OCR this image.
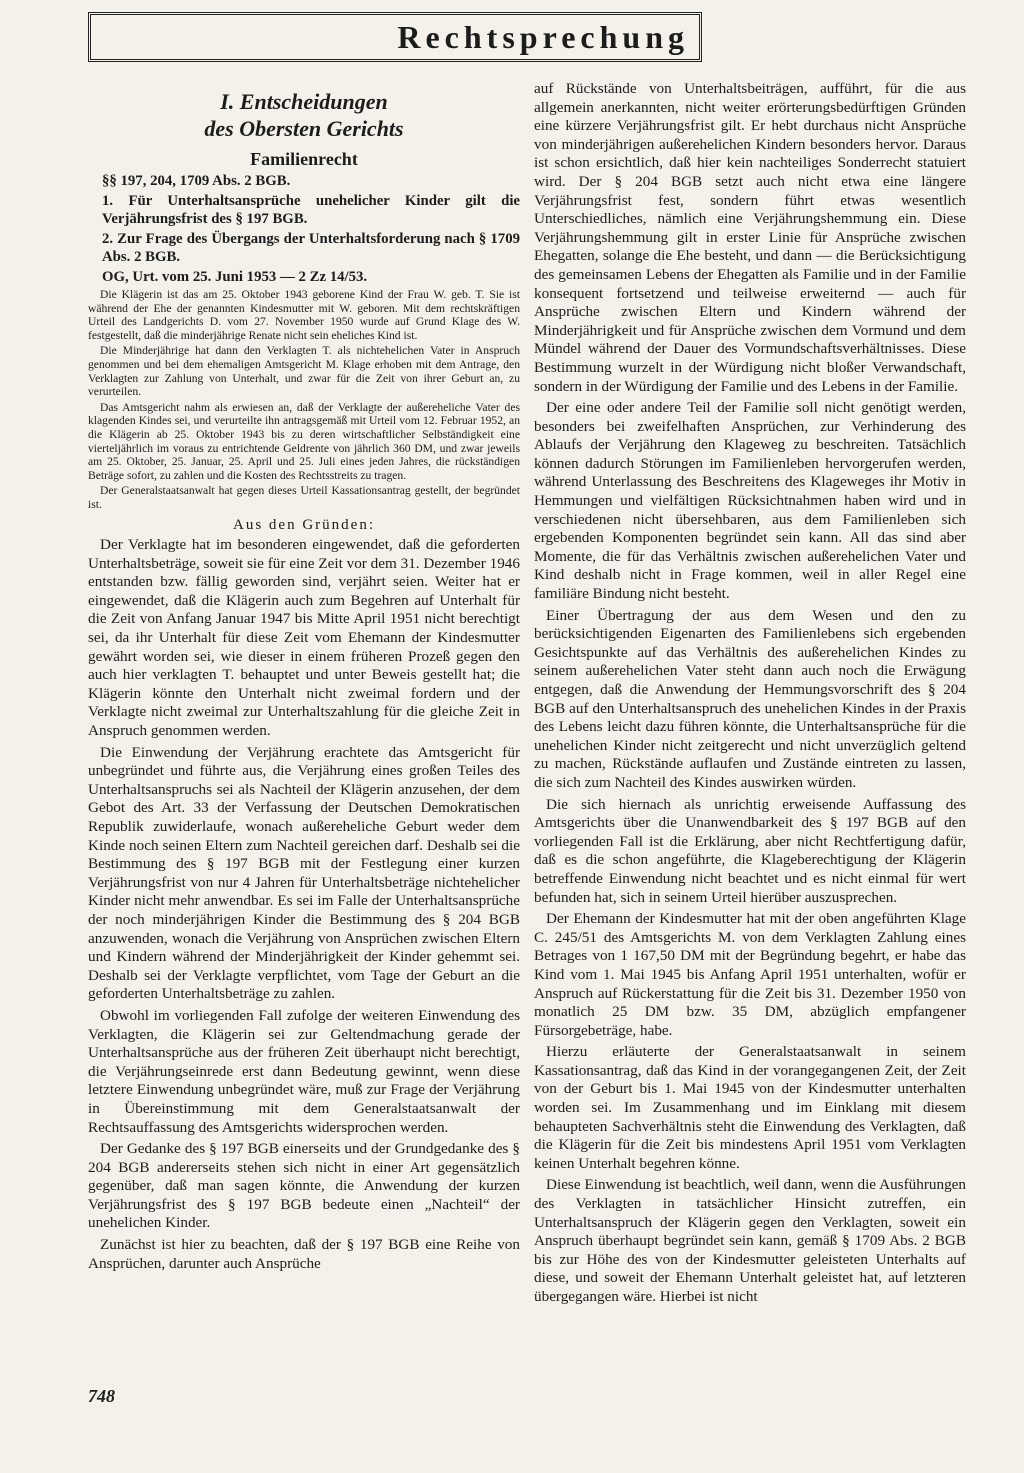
Rechtsprechung
I. Entscheidungen
des Obersten Gerichts
Familienrecht
§§ 197, 204, 1709 Abs. 2 BGB.
1. Für Unterhaltsansprüche unehelicher Kinder gilt die Verjährungsfrist des § 197 BGB.
2. Zur Frage des Übergangs der Unterhaltsforderung nach § 1709 Abs. 2 BGB.
OG, Urt. vom 25. Juni 1953 — 2 Zz 14/53.

Die Klägerin ist das am 25. Oktober 1943 geborene Kind der Frau W. geb. T. Sie ist während der Ehe der genannten Kindesmutter mit W. geboren. Mit dem rechtskräftigen Urteil des Landgerichts D. vom 27. November 1950 wurde auf Grund Klage des W. festgestellt, daß die minderjährige Renate nicht sein eheliches Kind ist.

Die Minderjährige hat dann den Verklagten T. als nichtehelichen Vater in Anspruch genommen und bei dem ehemaligen Amtsgericht M. Klage erhoben mit dem Antrage, den Verklagten zur Zahlung von Unterhalt, und zwar für die Zeit von ihrer Geburt an, zu verurteilen.

Das Amtsgericht nahm als erwiesen an, daß der Verklagte der außereheliche Vater des klagenden Kindes sei, und verurteilte ihn antragsgemäß mit Urteil vom 12. Februar 1952, an die Klägerin ab 25. Oktober 1943 bis zu deren wirtschaftlicher Selbständigkeit eine vierteljährlich im voraus zu entrichtende Geldrente von jährlich 360 DM, und zwar jeweils am 25. Oktober, 25. Januar, 25. April und 25. Juli eines jeden Jahres, die rückständigen Beträge sofort, zu zahlen und die Kosten des Rechtsstreits zu tragen.

Der Generalstaatsanwalt hat gegen dieses Urteil Kassationsantrag gestellt, der begründet ist.

Aus den Gründen:

Der Verklagte hat im besonderen eingewendet, daß die geforderten Unterhaltsbeträge, soweit sie für eine Zeit vor dem 31. Dezember 1946 entstanden bzw. fällig geworden sind, verjährt seien. Weiter hat er eingewendet, daß die Klägerin auch zum Begehren auf Unterhalt für die Zeit von Anfang Januar 1947 bis Mitte April 1951 nicht berechtigt sei, da ihr Unterhalt für diese Zeit vom Ehemann der Kindesmutter gewährt worden sei, wie dieser in einem früheren Prozeß gegen den auch hier verklagten T. behauptet und unter Beweis gestellt hat; die Klägerin könnte den Unterhalt nicht zweimal fordern und der Verklagte nicht zweimal zur Unterhaltszahlung für die gleiche Zeit in Anspruch genommen werden.

Die Einwendung der Verjährung erachtete das Amtsgericht für unbegründet und führte aus, die Verjährung eines großen Teiles des Unterhaltsanspruchs sei als Nachteil der Klägerin anzusehen, der dem Gebot des Art. 33 der Verfassung der Deutschen Demokratischen Republik zuwiderlaufe, wonach außereheliche Geburt weder dem Kinde noch seinen Eltern zum Nachteil gereichen darf. Deshalb sei die Bestimmung des § 197 BGB mit der Festlegung einer kurzen Verjährungsfrist von nur 4 Jahren für Unterhaltsbeträge nichtehelicher Kinder nicht mehr anwendbar. Es sei im Falle der Unterhaltsansprüche der noch minderjährigen Kinder die Bestimmung des § 204 BGB anzuwenden, wonach die Verjährung von Ansprüchen zwischen Eltern und Kindern während der Minderjährigkeit der Kinder gehemmt sei. Deshalb sei der Verklagte verpflichtet, vom Tage der Geburt an die geforderten Unterhaltsbeträge zu zahlen.

Obwohl im vorliegenden Fall zufolge der weiteren Einwendung des Verklagten, die Klägerin sei zur Geltendmachung gerade der Unterhaltsansprüche aus der früheren Zeit überhaupt nicht berechtigt, die Verjährungseinrede erst dann Bedeutung gewinnt, wenn diese letztere Einwendung unbegründet wäre, muß zur Frage der Verjährung in Übereinstimmung mit dem Generalstaatsanwalt der Rechtsauffassung des Amtsgerichts widersprochen werden.

Der Gedanke des § 197 BGB einerseits und der Grundgedanke des § 204 BGB andererseits stehen sich nicht in einer Art gegensätzlich gegenüber, daß man sagen könnte, die Anwendung der kurzen Verjährungsfrist des § 197 BGB bedeute einen „Nachteil“ der unehelichen Kinder.

Zunächst ist hier zu beachten, daß der § 197 BGB eine Reihe von Ansprüchen, darunter auch Ansprüche

auf Rückstände von Unterhaltsbeiträgen, aufführt, für die aus allgemein anerkannten, nicht weiter erörterungsbedürftigen Gründen eine kürzere Verjährungsfrist gilt. Er hebt durchaus nicht Ansprüche von minderjährigen außerehelichen Kindern besonders hervor. Daraus ist schon ersichtlich, daß hier kein nachteiliges Sonderrecht statuiert wird. Der § 204 BGB setzt auch nicht etwa eine längere Verjährungsfrist fest, sondern führt etwas wesentlich Unterschiedliches, nämlich eine Verjährungshemmung ein. Diese Verjährungshemmung gilt in erster Linie für Ansprüche zwischen Ehegatten, solange die Ehe besteht, und dann — die Berücksichtigung des gemeinsamen Lebens der Ehegatten als Familie und in der Familie konsequent fortsetzend und teilweise erweiternd — auch für Ansprüche zwischen Eltern und Kindern während der Minderjährigkeit und für Ansprüche zwischen dem Vormund und dem Mündel während der Dauer des Vormundschaftsverhältnisses. Diese Bestimmung wurzelt in der Würdigung nicht bloßer Verwandschaft, sondern in der Würdigung der Familie und des Lebens in der Familie.

Der eine oder andere Teil der Familie soll nicht genötigt werden, besonders bei zweifelhaften Ansprüchen, zur Verhinderung des Ablaufs der Verjährung den Klageweg zu beschreiten. Tatsächlich können dadurch Störungen im Familienleben hervorgerufen werden, während Unterlassung des Beschreitens des Klageweges ihr Motiv in Hemmungen und vielfältigen Rücksichtnahmen haben wird und in verschiedenen nicht übersehbaren, aus dem Familienleben sich ergebenden Komponenten begründet sein kann. All das sind aber Momente, die für das Verhältnis zwischen außerehelichen Vater und Kind deshalb nicht in Frage kommen, weil in aller Regel eine familiäre Bindung nicht besteht.

Einer Übertragung der aus dem Wesen und den zu berücksichtigenden Eigenarten des Familienlebens sich ergebenden Gesichtspunkte auf das Verhältnis des außerehelichen Kindes zu seinem außerehelichen Vater steht dann auch noch die Erwägung entgegen, daß die Anwendung der Hemmungsvorschrift des § 204 BGB auf den Unterhaltsanspruch des unehelichen Kindes in der Praxis des Lebens leicht dazu führen könnte, die Unterhaltsansprüche für die unehelichen Kinder nicht zeitgerecht und nicht unverzüglich geltend zu machen, Rückstände auflaufen und Zustände eintreten zu lassen, die sich zum Nachteil des Kindes auswirken würden.

Die sich hiernach als unrichtig erweisende Auffassung des Amtsgerichts über die Unanwendbarkeit des § 197 BGB auf den vorliegenden Fall ist die Erklärung, aber nicht Rechtfertigung dafür, daß es die schon angeführte, die Klageberechtigung der Klägerin betreffende Einwendung nicht beachtet und es nicht einmal für wert befunden hat, sich in seinem Urteil hierüber auszusprechen.

Der Ehemann der Kindesmutter hat mit der oben angeführten Klage C. 245/51 des Amtsgerichts M. von dem Verklagten Zahlung eines Betrages von 1 167,50 DM mit der Begründung begehrt, er habe das Kind vom 1. Mai 1945 bis Anfang April 1951 unterhalten, wofür er Anspruch auf Rückerstattung für die Zeit bis 31. Dezember 1950 von monatlich 25 DM bzw. 35 DM, abzüglich empfangener Fürsorgebeträge, habe.

Hierzu erläuterte der Generalstaatsanwalt in seinem Kassationsantrag, daß das Kind in der vorangegangenen Zeit, der Zeit von der Geburt bis 1. Mai 1945 von der Kindesmutter unterhalten worden sei. Im Zusammenhang und im Einklang mit diesem behaupteten Sachverhältnis steht die Einwendung des Verklagten, daß die Klägerin für die Zeit bis mindestens April 1951 vom Verklagten keinen Unterhalt begehren könne.

Diese Einwendung ist beachtlich, weil dann, wenn die Ausführungen des Verklagten in tatsächlicher Hinsicht zutreffen, ein Unterhaltsanspruch der Klägerin gegen den Verklagten, soweit ein Anspruch überhaupt begründet sein kann, gemäß § 1709 Abs. 2 BGB bis zur Höhe des von der Kindesmutter geleisteten Unterhalts auf diese, und soweit der Ehemann Unterhalt geleistet hat, auf letzteren übergegangen wäre. Hierbei ist nicht

748
